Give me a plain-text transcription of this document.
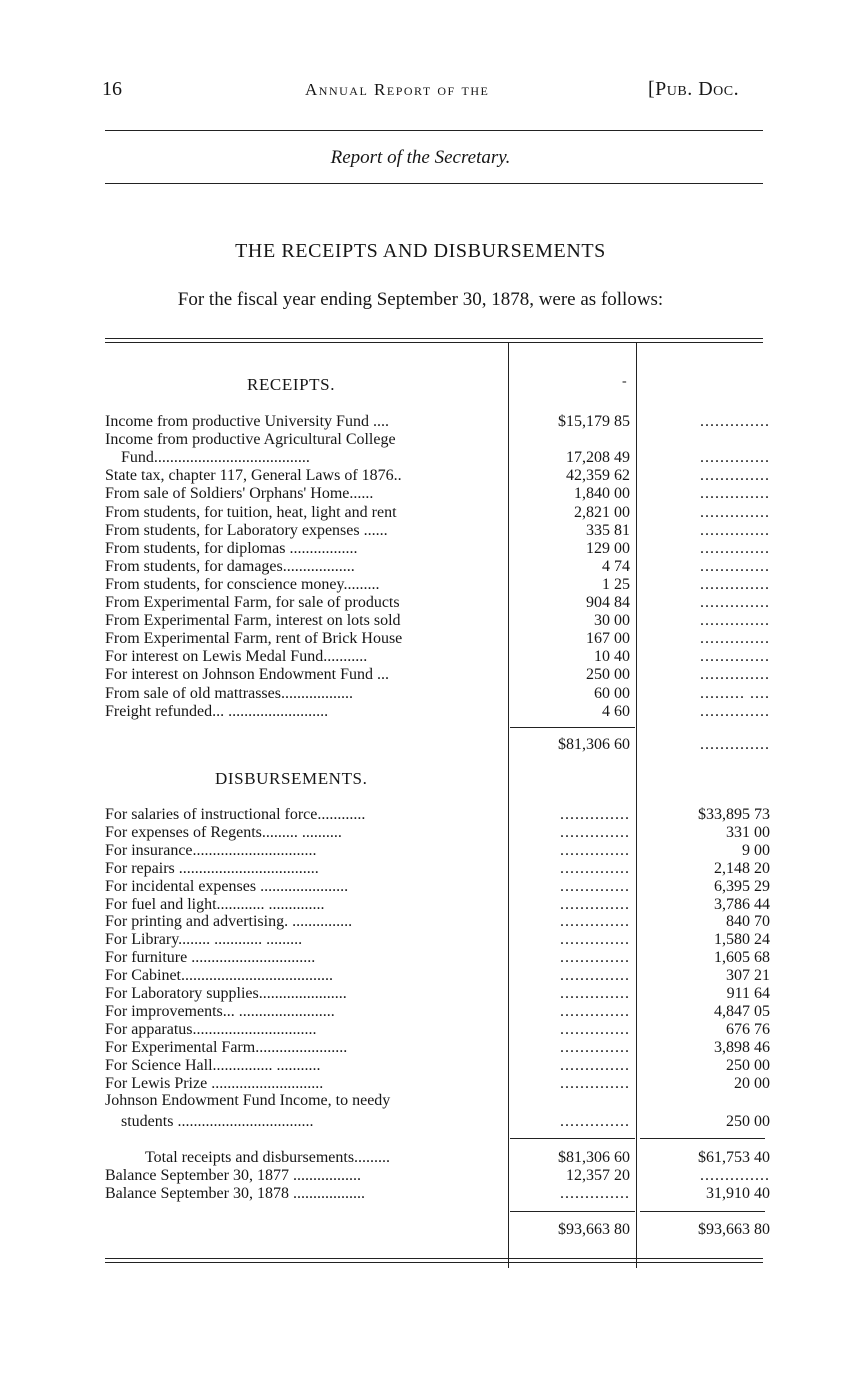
16	Annual Report of the	[Pub. Doc.
Report of the Secretary.
THE RECEIPTS AND DISBURSEMENTS
For the fiscal year ending September 30, 1878, were as follows:
RECEIPTS.	-
Income from productive University Fund ....	$15,179 85	..............
Income from productive Agricultural College
Fund.......................................	17,208 49	..............
State tax, chapter 117, General Laws of 1876..	42,359 62	..............
From sale of Soldiers' Orphans' Home......	1,840 00	..............
From students, for tuition, heat, light and rent	2,821 00	..............
From students, for Laboratory expenses ......	335 81	..............
From students, for diplomas .................	129 00	..............
From students, for damages..................	4 74	..............
From students, for conscience money.........	1 25	..............
From Experimental Farm, for sale of products	904 84	..............
From Experimental Farm, interest on lots sold	30 00	..............
From Experimental Farm, rent of Brick House	167 00	..............
For interest on Lewis Medal Fund...........	10 40	..............
For interest on Johnson Endowment Fund ...	250 00	..............
From sale of old mattrasses..................	60 00	......... ....
Freight refunded... .........................	4 60	..............
$81,306 60	..............
DISBURSEMENTS.
For salaries of instructional force............	..............	$33,895 73
For expenses of Regents......... ..........	..............	331 00
For insurance...............................	..............	9 00
For repairs ...................................	..............	2,148 20
For incidental expenses ......................	..............	6,395 29
For fuel and light............ ..............	..............	3,786 44
For printing and advertising. ...............	..............	840 70
For Library........ ............ .........	..............	1,580 24
For furniture ...............................	..............	1,605 68
For Cabinet......................................	..............	307 21
For Laboratory supplies......................	..............	911 64
For improvements... ........................	..............	4,847 05
For apparatus...............................	..............	676 76
For Experimental Farm.......................	..............	3,898 46
For Science Hall............... ...........	..............	250 00
For Lewis Prize ............................	..............	20 00
Johnson Endowment Fund Income, to needy
students ..................................	..............	250 00
Total receipts and disbursements.........	$81,306 60	$61,753 40
Balance September 30, 1877 .................	12,357 20	..............
Balance September 30, 1878 ..................	..............	31,910 40
$93,663 80	$93,663 80
